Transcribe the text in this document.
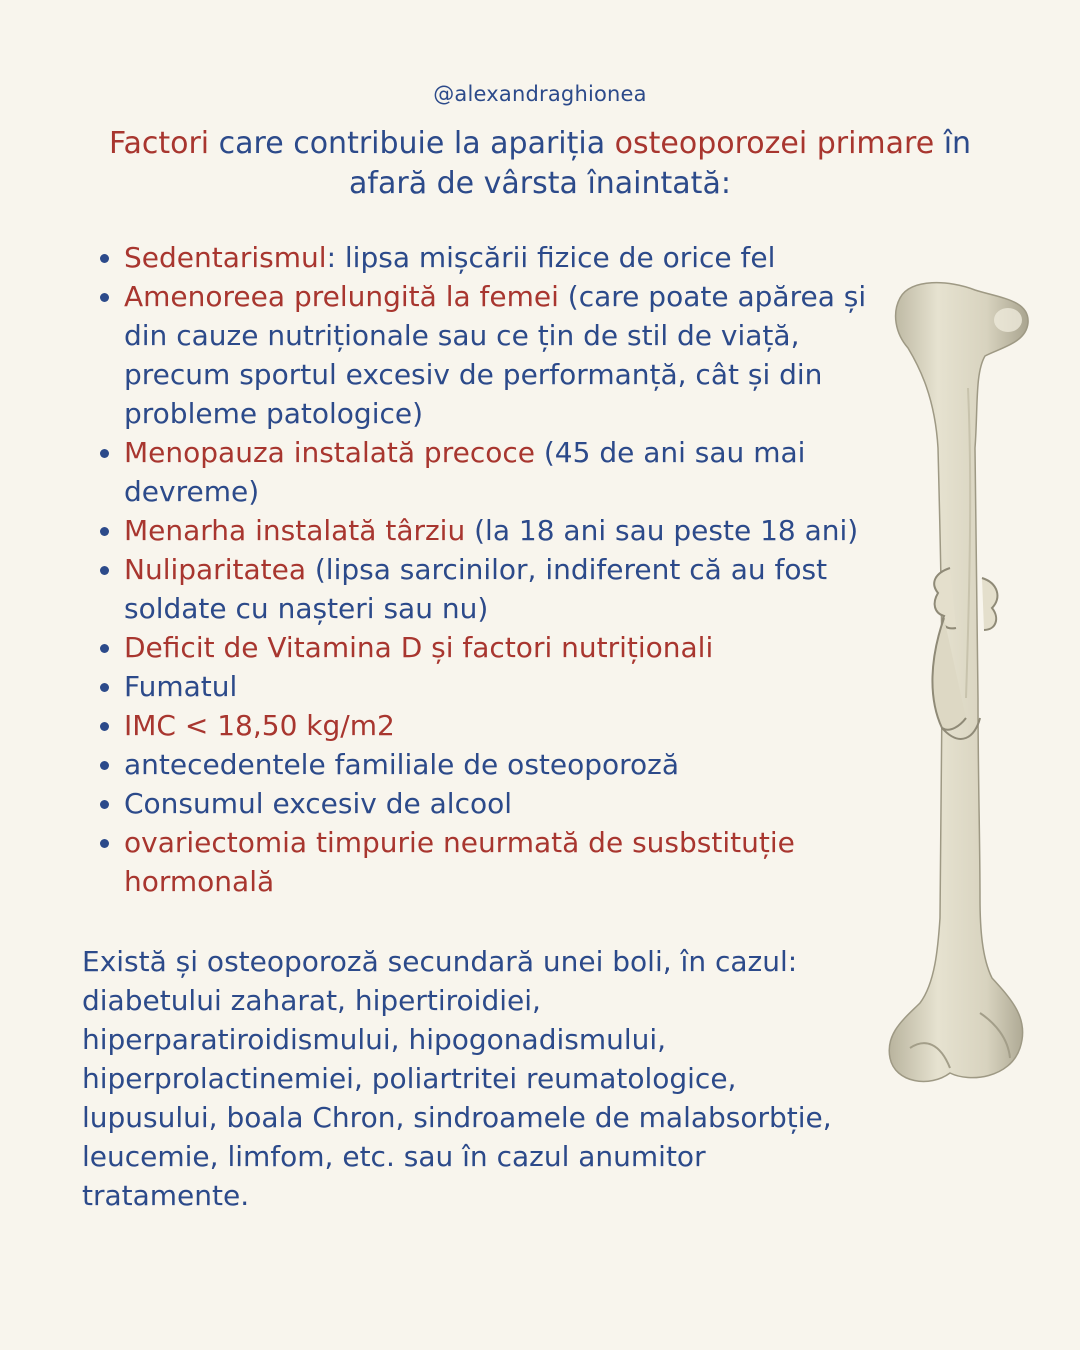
@alexandraghionea
Factori care contribuie la apariția osteoporozei primare în afară de vârsta înaintată:
• Sedentarismul: lipsa mișcării fizice de orice fel
• Amenoreea prelungită la femei (care poate apărea și din cauze nutriționale sau ce țin de stil de viață, precum sportul excesiv de performanță, cât și din probleme patologice)
• Menopauza instalată precoce (45 de ani sau mai devreme)
• Menarha instalată târziu (la 18 ani sau peste 18 ani)
• Nuliparitatea (lipsa sarcinilor, indiferent că au fost soldate cu nașteri sau nu)
• Deficit de Vitamina D și factori nutriționali
• Fumatul
• IMC < 18,50 kg/m2
• antecedentele familiale de osteoporoză
• Consumul excesiv de alcool
• ovariectomia timpurie neurmată de susbstituție hormonală
Există și osteoporoză secundară unei boli, în cazul: diabetului zaharat, hipertiroidiei, hiperparatiroidismului, hipogonadismului, hiperprolactinemiei, poliartritei reumatologice, lupusului, boala Chron, sindroamele de malabsorbție, leucemie, limfom, etc. sau în cazul anumitor tratamente.
